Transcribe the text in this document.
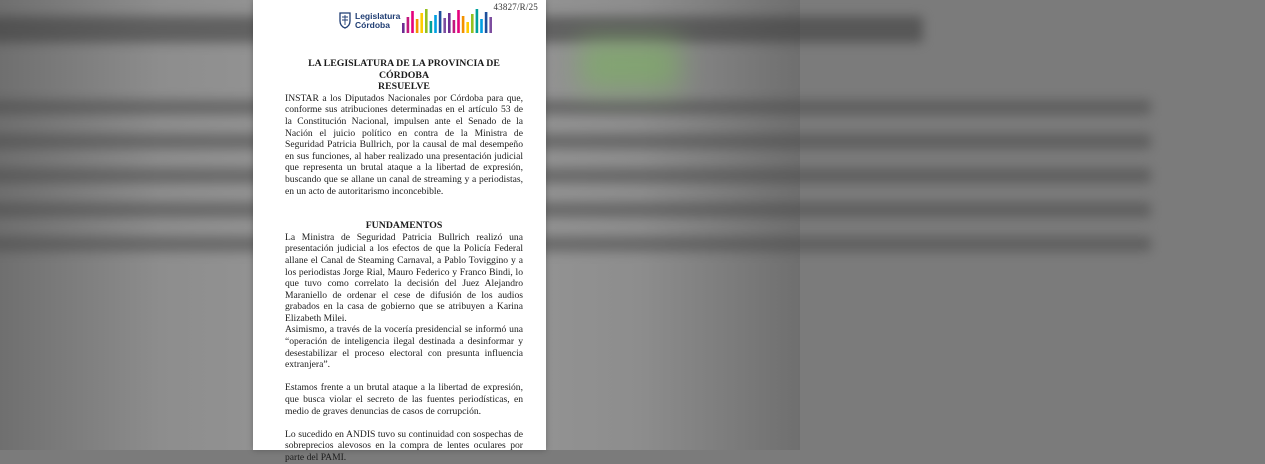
43827/R/25
Legislatura
Córdoba
LA LEGISLATURA DE LA PROVINCIA DE
CÓRDOBA
RESUELVE

INSTAR a los Diputados Nacionales por Córdoba para que, conforme sus atribuciones determinadas en el artículo 53 de la Constitución Nacional, impulsen ante el Senado de la Nación el juicio político en contra de la Ministra de Seguridad Patricia Bullrich, por la causal de mal desempeño en sus funciones, al haber realizado una presentación judicial que representa un brutal ataque a la libertad de expresión, buscando que se allane un canal de streaming y a periodistas, en un acto de autoritarismo inconcebible.

FUNDAMENTOS

La Ministra de Seguridad Patricia Bullrich realizó una presentación judicial a los efectos de que la Policía Federal allane el Canal de Steaming Carnaval, a Pablo Toviggino y a los periodistas Jorge Rial, Mauro Federico y Franco Bindi, lo que tuvo como correlato la decisión del Juez Alejandro Maraniello de ordenar el cese de difusión de los audios grabados en la casa de gobierno que se atribuyen a Karina Elizabeth Milei.

Asimismo, a través de la vocería presidencial se informó una “operación de inteligencia ilegal destinada a desinformar y desestabilizar el proceso electoral con presunta influencia extranjera”.

Estamos frente a un brutal ataque a la libertad de expresión, que busca violar el secreto de las fuentes periodísticas, en medio de graves denuncias de casos de corrupción.

Lo sucedido en ANDIS tuvo su continuidad con sospechas de sobreprecios alevosos en la compra de lentes oculares por parte del PAMI.
